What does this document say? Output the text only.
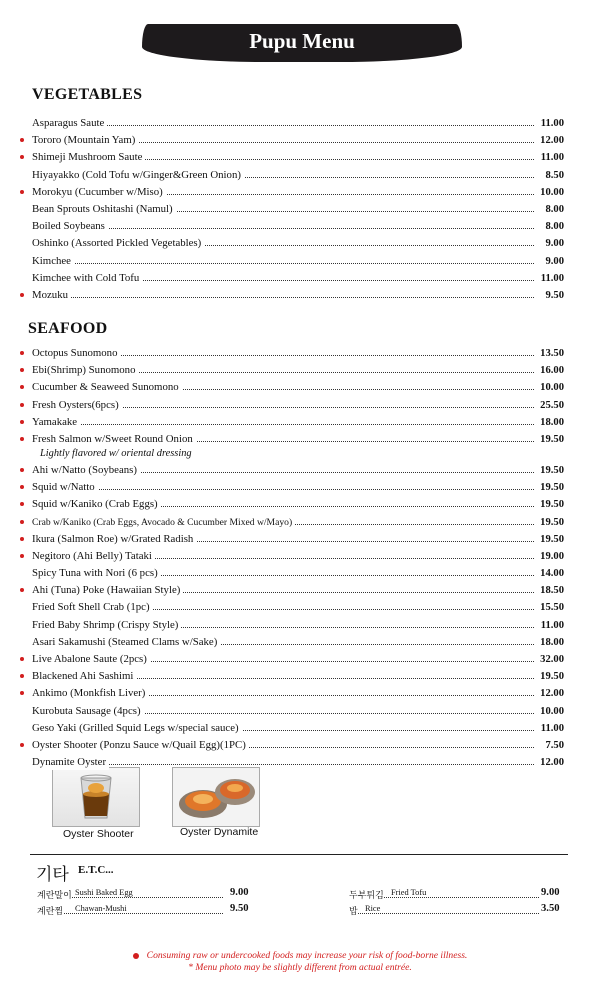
Pupu Menu
VEGETABLES
Asparagus Saute	11.00
Tororo (Mountain Yam)	12.00
Shimeji Mushroom Saute	11.00
Hiyayakko (Cold Tofu w/Ginger&Green Onion)	8.50
Morokyu (Cucumber w/Miso)	10.00
Bean Sprouts Oshitashi (Namul)	8.00
Boiled Soybeans	8.00
Oshinko (Assorted Pickled Vegetables)	9.00
Kimchee	9.00
Kimchee with Cold Tofu	11.00
Mozuku	9.50
SEAFOOD
Octopus Sunomono	13.50
Ebi(Shrimp) Sunomono	16.00
Cucumber & Seaweed Sunomono	10.00
Fresh Oysters(6pcs)	25.50
Yamakake	18.00
Fresh Salmon w/Sweet Round Onion	19.50
Lightly flavored w/ oriental dressing
Ahi w/Natto (Soybeans)	19.50
Squid w/Natto	19.50
Squid w/Kaniko (Crab Eggs)	19.50
Crab w/Kaniko (Crab Eggs, Avocado & Cucumber Mixed w/Mayo)	19.50
Ikura (Salmon Roe) w/Grated Radish	19.50
Negitoro (Ahi Belly) Tataki	19.00
Spicy Tuna with Nori (6 pcs)	14.00
Ahi (Tuna) Poke (Hawaiian Style)	18.50
Fried Soft Shell Crab (1pc)	15.50
Fried Baby Shrimp (Crispy Style)	11.00
Asari Sakamushi (Steamed Clams w/Sake)	18.00
Live Abalone Saute (2pcs)	32.00
Blackened Ahi Sashimi	19.50
Ankimo (Monkfish Liver)	12.00
Kurobuta Sausage (4pcs)	10.00
Geso Yaki (Grilled Squid Legs w/special sauce)	11.00
Oyster Shooter (Ponzu Sauce w/Quail Egg)(1PC)	7.50
Dynamite Oyster	12.00
Oyster Shooter	Oyster Dynamite
기타 E.T.C...
계란말이 Sushi Baked Egg	9.00
계란찜 Chawan-Mushi	9.50
두부튀김 Fried Tofu	9.00
밥 Rice	3.50
Consuming raw or undercooked foods may increase your risk of food-borne illness.
* Menu photo may be slightly different from actual entrée.
